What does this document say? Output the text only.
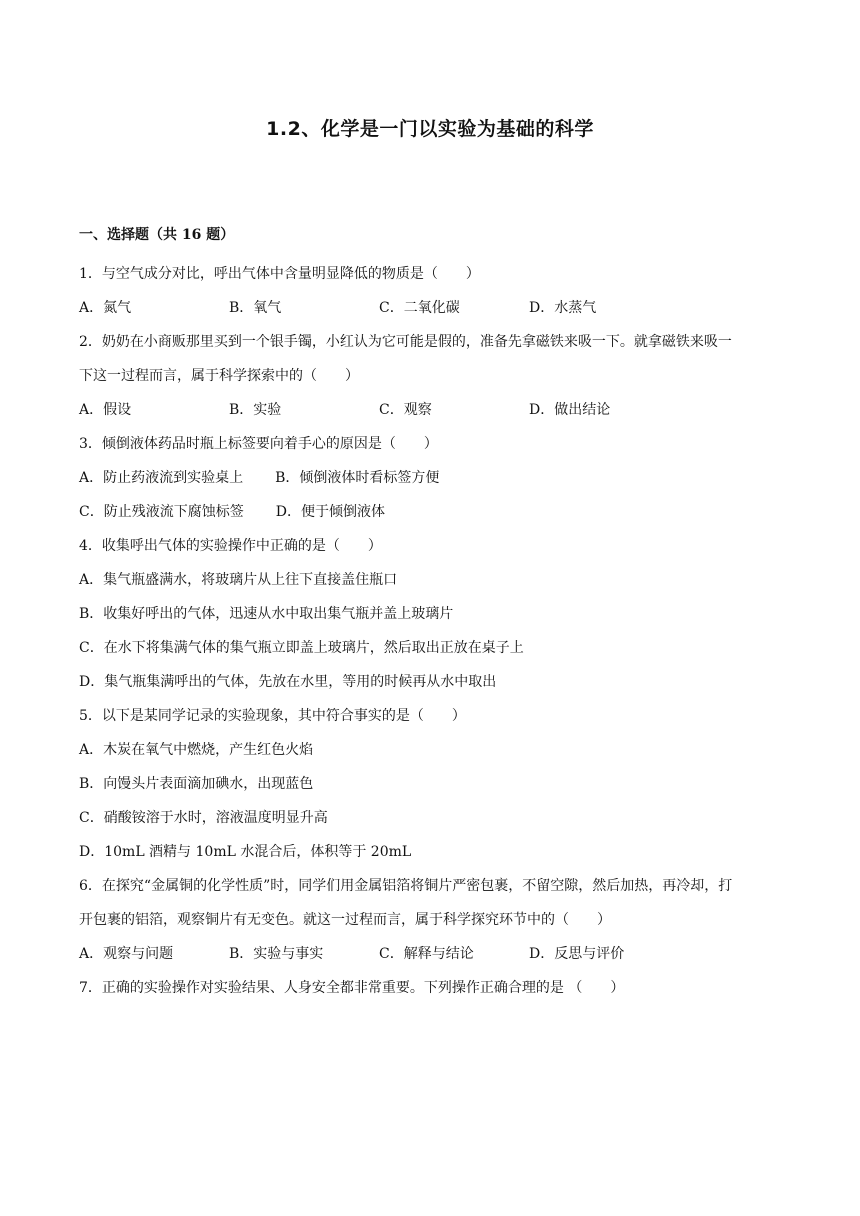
1.2、化学是一门以实验为基础的科学
一、选择题（共 16 题）
1．与空气成分对比，呼出气体中含量明显降低的物质是（　　）
A．氮气	B．氧气	C．二氧化碳	D．水蒸气
2．奶奶在小商贩那里买到一个银手镯，小红认为它可能是假的，准备先拿磁铁来吸一下。就拿磁铁来吸一
下这一过程而言，属于科学探索中的（　　）
A．假设	B．实验	C．观察	D．做出结论
3．倾倒液体药品时瓶上标签要向着手心的原因是（　　）
A．防止药液流到实验桌上 B．倾倒液体时看标签方便
C．防止残液流下腐蚀标签 D．便于倾倒液体
4．收集呼出气体的实验操作中正确的是（　　）
A．集气瓶盛满水，将玻璃片从上往下直接盖住瓶口
B．收集好呼出的气体，迅速从水中取出集气瓶并盖上玻璃片
C．在水下将集满气体的集气瓶立即盖上玻璃片，然后取出正放在桌子上
D．集气瓶集满呼出的气体，先放在水里，等用的时候再从水中取出
5．以下是某同学记录的实验现象，其中符合事实的是（　　）
A．木炭在氧气中燃烧，产生红色火焰
B．向馒头片表面滴加碘水，出现蓝色
C．硝酸铵溶于水时，溶液温度明显升高
D．10mL 酒精与 10mL 水混合后，体积等于 20mL
6．在探究“金属铜的化学性质”时，同学们用金属铝箔将铜片严密包裹，不留空隙，然后加热，再冷却，打
开包裹的铝箔，观察铜片有无变色。就这一过程而言，属于科学探究环节中的（　　）
A．观察与问题	B．实验与事实	C．解释与结论	D．反思与评价
7．正确的实验操作对实验结果、人身安全都非常重要。下列操作正确合理的是 （　　）
